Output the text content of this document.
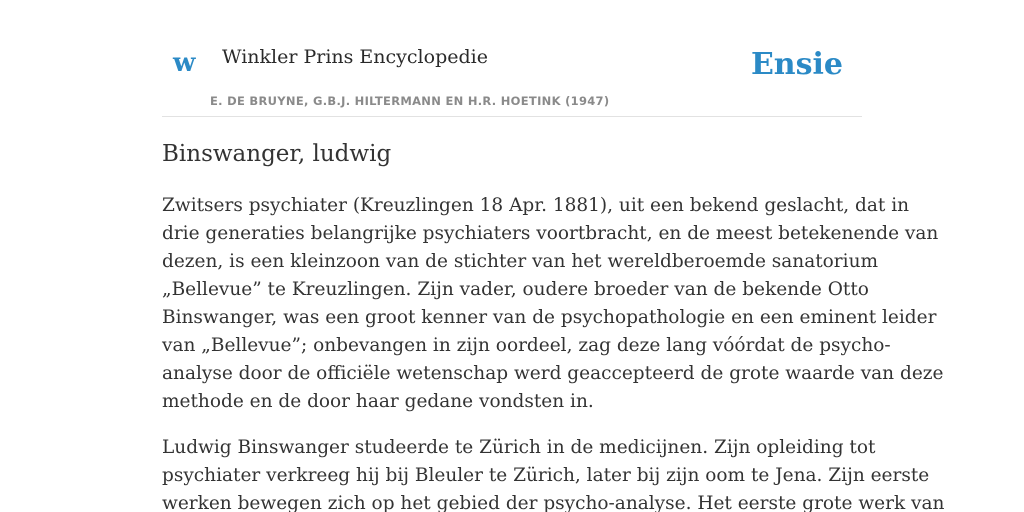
w Winkler Prins Encyclopedie
E. DE BRUYNE, G.B.J. HILTERMANN EN H.R. HOETINK (1947)
Ensie
Binswanger, ludwig

Zwitsers psychiater (Kreuzlingen 18 Apr. 1881), uit een bekend geslacht, dat in
drie generaties belangrijke psychiaters voortbracht, en de meest betekenende van
dezen, is een kleinzoon van de stichter van het wereldberoemde sanatorium
„Bellevue” te Kreuzlingen. Zijn vader, oudere broeder van de bekende Otto
Binswanger, was een groot kenner van de psychopathologie en een eminent leider
van „Bellevue”; onbevangen in zijn oordeel, zag deze lang vóórdat de psycho-
analyse door de officiële wetenschap werd geaccepteerd de grote waarde van deze
methode en de door haar gedane vondsten in.

Ludwig Binswanger studeerde te Zürich in de medicijnen. Zijn opleiding tot
psychiater verkreeg hij bij Bleuler te Zürich, later bij zijn oom te Jena. Zijn eerste
werken bewegen zich op het gebied der psycho-analyse. Het eerste grote werk van
